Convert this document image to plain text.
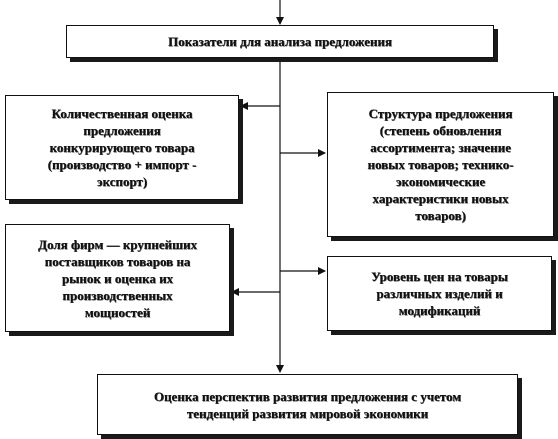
Показатели для анализа предложения
Количественная оценка
предложения
конкурирующего товара
(производство + импорт -
экспорт)
Структура предложения
(степень обновления
ассортимента; значение
новых товаров; технико-
экономические
характеристики новых
товаров)
Доля фирм — крупнейших
поставщиков товаров на
рынок и оценка их
производственных
мощностей
Уровень цен на товары
различных изделий и
модификаций
Оценка перспектив развития предложения с учетом
тенденций развития мировой экономики
